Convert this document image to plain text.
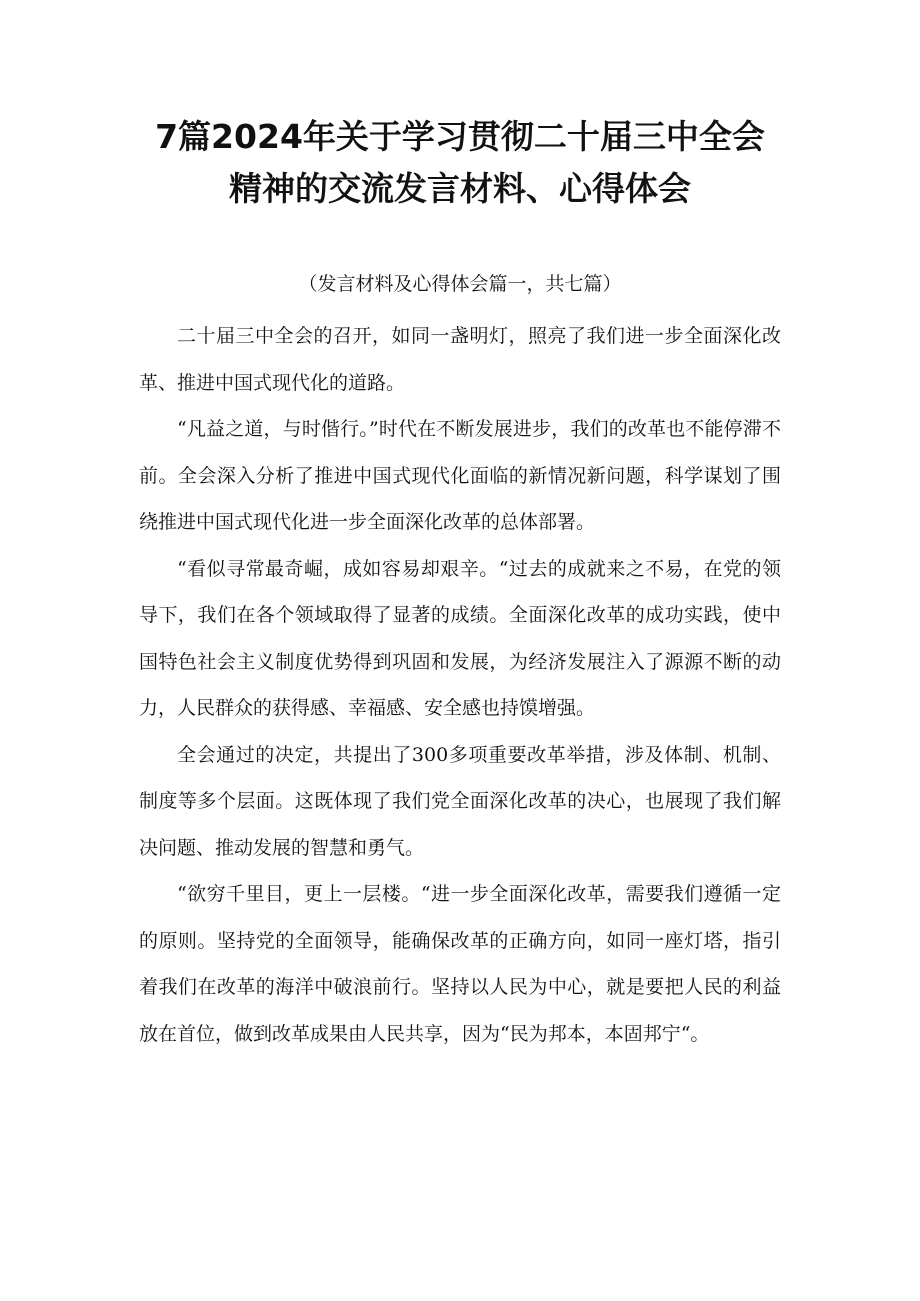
7篇2024年关于学习贯彻二十届三中全会
精神的交流发言材料、心得体会

（发言材料及心得体会篇一，共七篇）

二十届三中全会的召开，如同一盏明灯，照亮了我们进一步全面深化改革、推进中国式现代化的道路。

“凡益之道，与时偕行。”时代在不断发展进步，我们的改革也不能停滞不前。全会深入分析了推进中国式现代化面临的新情况新问题，科学谋划了围绕推进中国式现代化进一步全面深化改革的总体部署。

“看似寻常最奇崛，成如容易却艰辛。“过去的成就来之不易，在党的领导下，我们在各个领域取得了显著的成绩。全面深化改革的成功实践，使中国特色社会主义制度优势得到巩固和发展，为经济发展注入了源源不断的动力，人民群众的获得感、幸福感、安全感也持馍增强。

全会通过的决定，共提出了300多项重要改革举措，涉及体制、机制、制度等多个层面。这既体现了我们党全面深化改革的决心，也展现了我们解决问题、推动发展的智慧和勇气。

“欲穷千里目，更上一层楼。“进一步全面深化改革，需要我们遵循一定的原则。坚持党的全面领导，能确保改革的正确方向，如同一座灯塔，指引着我们在改革的海洋中破浪前行。坚持以人民为中心，就是要把人民的利益放在首位，做到改革成果由人民共享，因为“民为邦本，本固邦宁“。
